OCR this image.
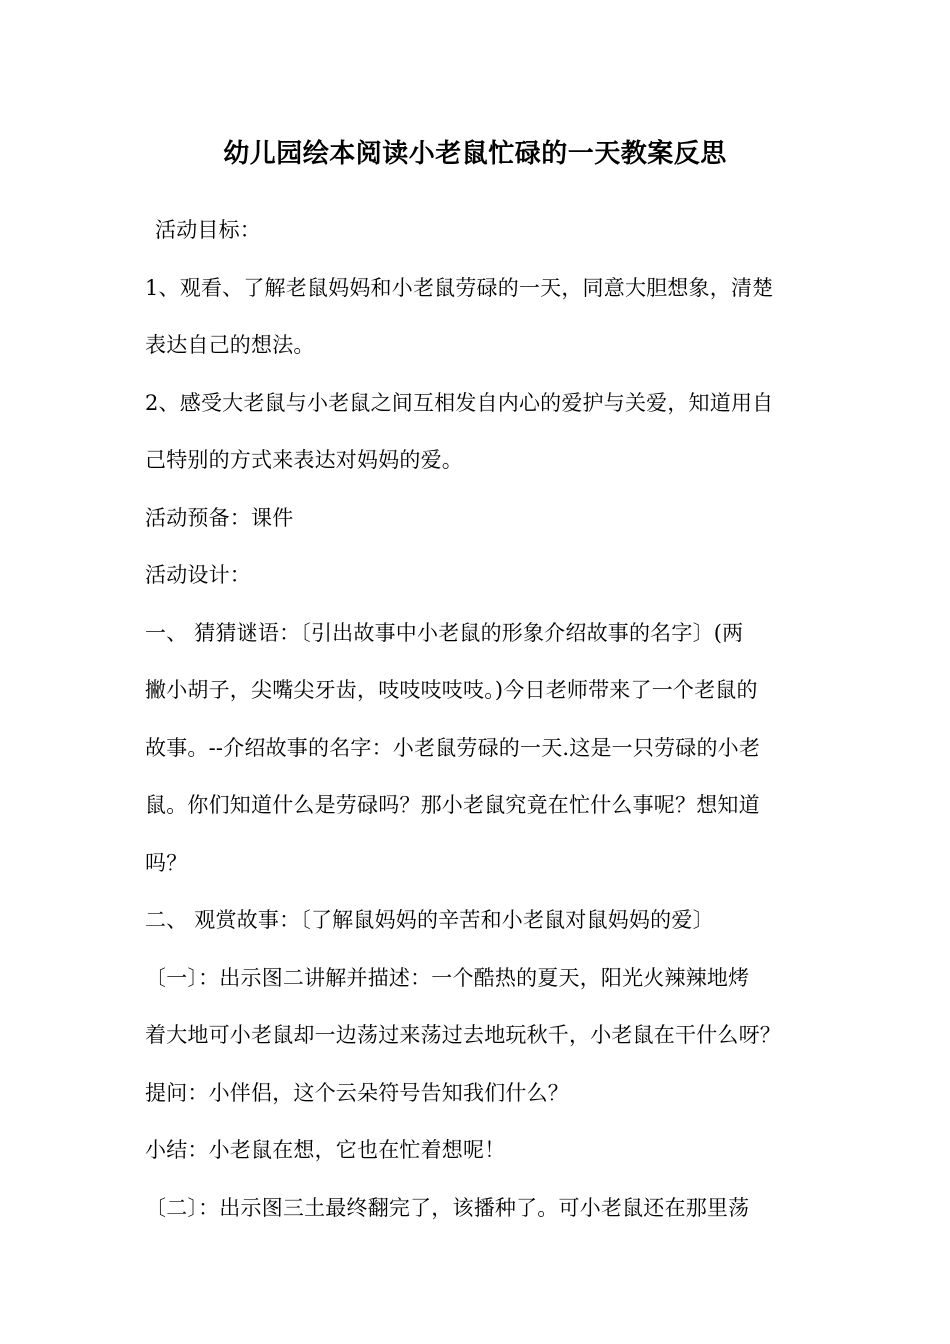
幼儿园绘本阅读小老鼠忙碌的一天教案反思

活动目标：

1、观看、了解老鼠妈妈和小老鼠劳碌的一天，同意大胆想象，清楚

表达自己的想法。

2、感受大老鼠与小老鼠之间互相发自内心的爱护与关爱，知道用自

己特别的方式来表达对妈妈的爱。

活动预备：课件

活动设计：

一、 猜猜谜语：〔引出故事中小老鼠的形象介绍故事的名字〕(两

撇小胡子，尖嘴尖牙齿，吱吱吱吱吱。)今日老师带来了一个老鼠的

故事。--介绍故事的名字：小老鼠劳碌的一天.这是一只劳碌的小老

鼠。你们知道什么是劳碌吗？那小老鼠究竟在忙什么事呢？想知道

吗？

二、 观赏故事：〔了解鼠妈妈的辛苦和小老鼠对鼠妈妈的爱〕

〔一〕：出示图二讲解并描述：一个酷热的夏天，阳光火辣辣地烤

着大地可小老鼠却一边荡过来荡过去地玩秋千，小老鼠在干什么呀？

提问：小伴侣，这个云朵符号告知我们什么？

小结：小老鼠在想，它也在忙着想呢！

〔二〕：出示图三土最终翻完了，该播种了。可小老鼠还在那里荡
